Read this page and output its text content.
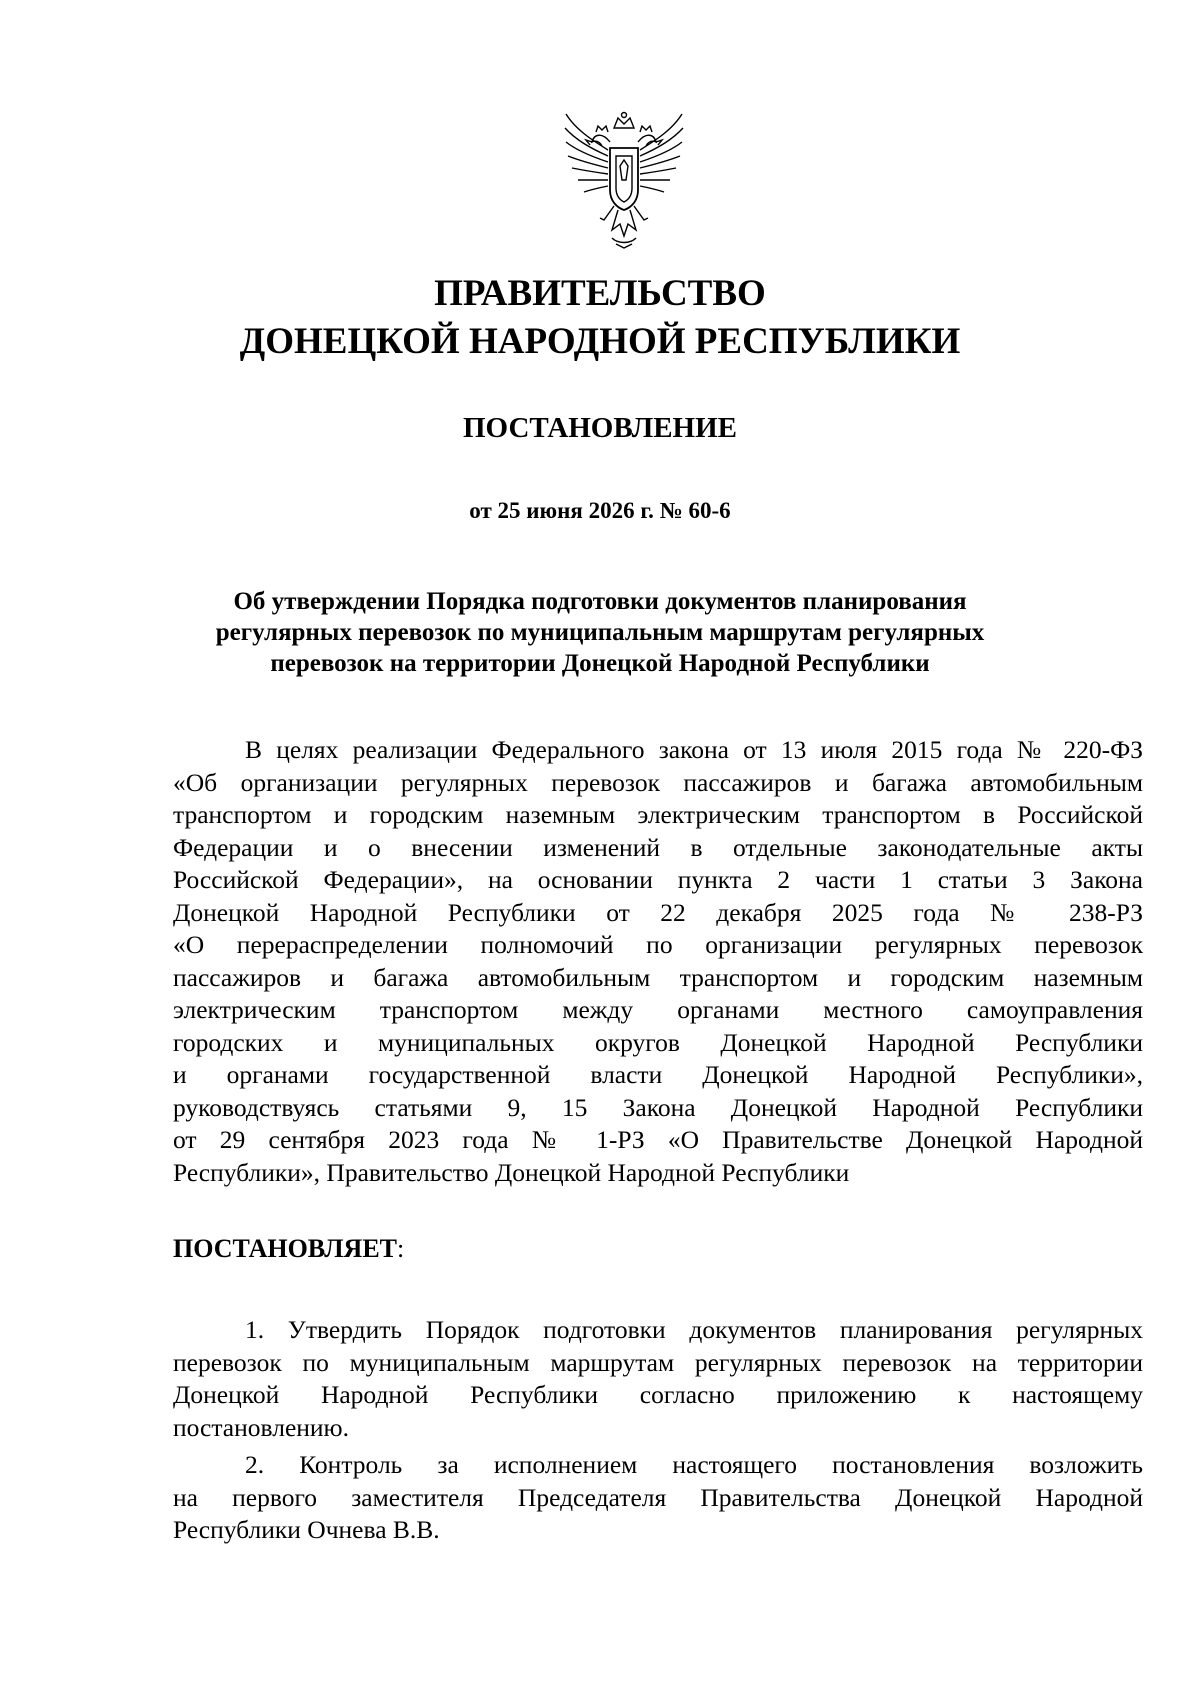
ПРАВИТЕЛЬСТВО
ДОНЕЦКОЙ НАРОДНОЙ РЕСПУБЛИКИ
ПОСТАНОВЛЕНИЕ
от 25 июня 2026 г. № 60-6
Об утверждении Порядка подготовки документов планирования
регулярных перевозок по муниципальным маршрутам регулярных
перевозок на территории Донецкой Народной Республики
В целях реализации Федерального закона от 13 июля 2015 года № 220-ФЗ
«Об организации регулярных перевозок пассажиров и багажа автомобильным
транспортом и городским наземным электрическим транспортом в Российской
Федерации и о внесении изменений в отдельные законодательные акты
Российской Федерации», на основании пункта 2 части 1 статьи 3 Закона
Донецкой Народной Республики от 22 декабря 2025 года № 238-РЗ
«О перераспределении полномочий по организации регулярных перевозок
пассажиров и багажа автомобильным транспортом и городским наземным
электрическим транспортом между органами местного самоуправления
городских и муниципальных округов Донецкой Народной Республики
и органами государственной власти Донецкой Народной Республики»,
руководствуясь статьями 9, 15 Закона Донецкой Народной Республики
от 29 сентября 2023 года № 1-РЗ «О Правительстве Донецкой Народной
Республики», Правительство Донецкой Народной Республики

ПОСТАНОВЛЯЕТ:

1. Утвердить Порядок подготовки документов планирования регулярных
перевозок по муниципальным маршрутам регулярных перевозок на территории
Донецкой Народной Республики согласно приложению к настоящему
постановлению.
2. Контроль за исполнением настоящего постановления возложить
на первого заместителя Председателя Правительства Донецкой Народной
Республики Очнева В.В.
